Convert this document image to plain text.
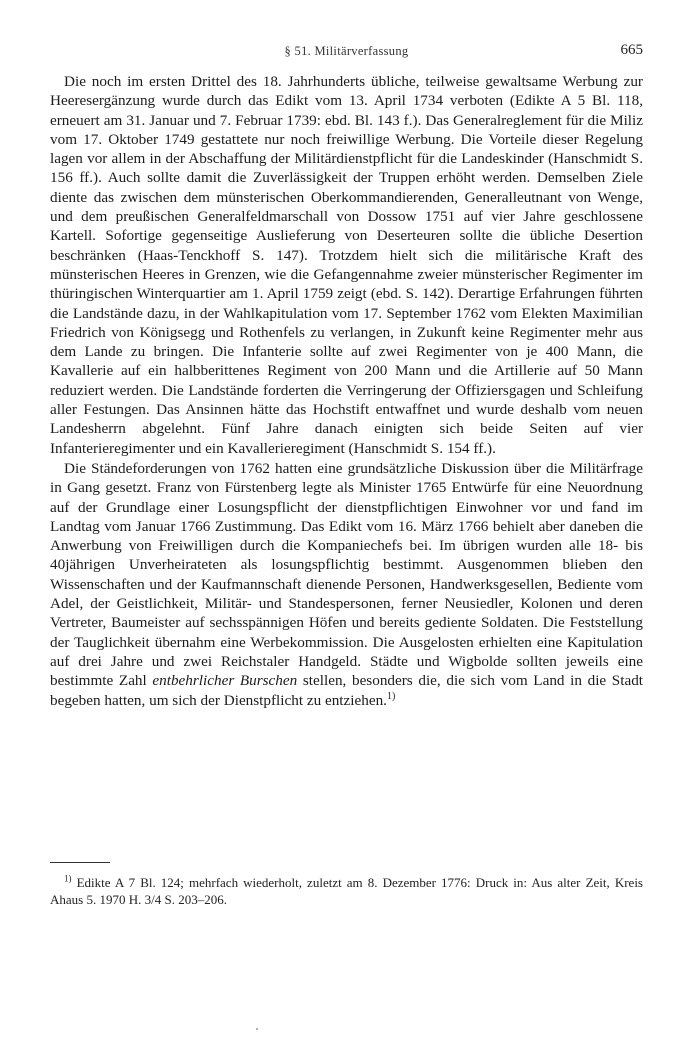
§ 51. Militärverfassung	665

Die noch im ersten Drittel des 18. Jahrhunderts übliche, teilweise gewaltsame Werbung zur Heeresergänzung wurde durch das Edikt vom 13. April 1734 verboten (Edikte A 5 Bl. 118, erneuert am 31. Januar und 7. Februar 1739: ebd. Bl. 143 f.). Das Generalreglement für die Miliz vom 17. Oktober 1749 gestattete nur noch freiwillige Werbung. Die Vorteile dieser Regelung lagen vor allem in der Abschaffung der Militärdienstpflicht für die Landeskinder (Hanschmidt S. 156 ff.). Auch sollte damit die Zuverlässigkeit der Truppen erhöht werden. Demselben Ziele diente das zwischen dem münsterischen Oberkommandierenden, Generalleutnant von Wenge, und dem preußischen Generalfeldmarschall von Dossow 1751 auf vier Jahre geschlossene Kartell. Sofortige gegenseitige Auslieferung von Deserteuren sollte die übliche Desertion beschränken (Haas-Tenckhoff S. 147). Trotzdem hielt sich die militärische Kraft des münsterischen Heeres in Grenzen, wie die Gefangennahme zweier münsterischer Regimenter im thüringischen Winterquartier am 1. April 1759 zeigt (ebd. S. 142). Derartige Erfahrungen führten die Landstände dazu, in der Wahlkapitulation vom 17. September 1762 vom Elekten Maximilian Friedrich von Königsegg und Rothenfels zu verlangen, in Zukunft keine Regimenter mehr aus dem Lande zu bringen. Die Infanterie sollte auf zwei Regimenter von je 400 Mann, die Kavallerie auf ein halbberittenes Regiment von 200 Mann und die Artillerie auf 50 Mann reduziert werden. Die Landstände forderten die Verringerung der Offiziersgagen und Schleifung aller Festungen. Das Ansinnen hätte das Hochstift entwaffnet und wurde deshalb vom neuen Landesherrn abgelehnt. Fünf Jahre danach einigten sich beide Seiten auf vier Infanterieregimenter und ein Kavallerieregiment (Hanschmidt S. 154 ff.).

Die Ständeforderungen von 1762 hatten eine grundsätzliche Diskussion über die Militärfrage in Gang gesetzt. Franz von Fürstenberg legte als Minister 1765 Entwürfe für eine Neuordnung auf der Grundlage einer Losungspflicht der dienstpflichtigen Einwohner vor und fand im Landtag vom Januar 1766 Zustimmung. Das Edikt vom 16. März 1766 behielt aber daneben die Anwerbung von Freiwilligen durch die Kompaniechefs bei. Im übrigen wurden alle 18- bis 40jährigen Unverheirateten als losungspflichtig bestimmt. Ausgenommen blieben den Wissenschaften und der Kaufmannschaft dienende Personen, Handwerksgesellen, Bediente vom Adel, der Geistlichkeit, Militär- und Standespersonen, ferner Neusiedler, Kolonen und deren Vertreter, Baumeister auf sechsspännigen Höfen und bereits gediente Soldaten. Die Feststellung der Tauglichkeit übernahm eine Werbekommission. Die Ausgelosten erhielten eine Kapitulation auf drei Jahre und zwei Reichstaler Handgeld. Städte und Wigbolde sollten jeweils eine bestimmte Zahl entbehrlicher Burschen stellen, besonders die, die sich vom Land in die Stadt begeben hatten, um sich der Dienstpflicht zu entziehen.$^{1)}$

$^{1)}$ Edikte A 7 Bl. 124; mehrfach wiederholt, zuletzt am 8. Dezember 1776: Druck in: Aus alter Zeit, Kreis Ahaus 5. 1970 H. 3/4 S. 203–206.
